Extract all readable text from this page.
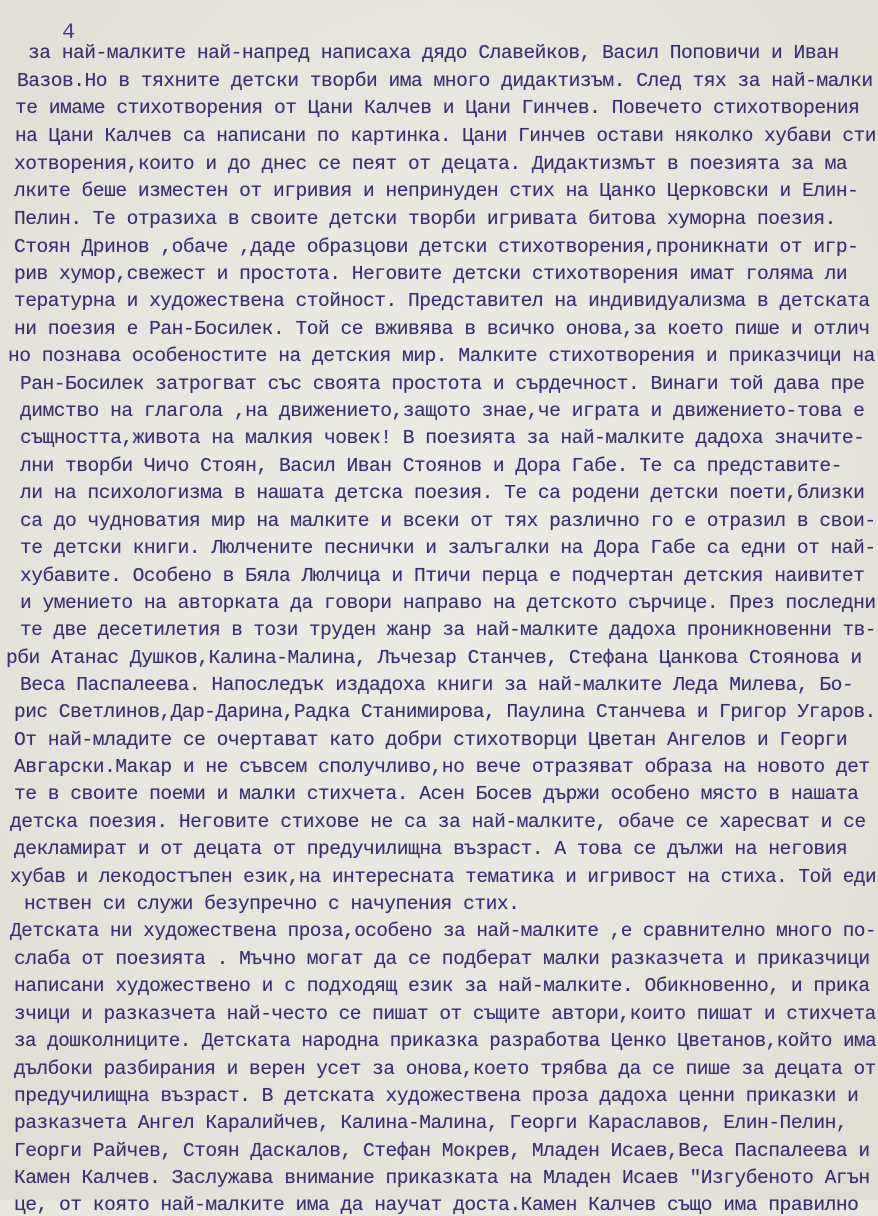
4
за най-малките най-напред написаха дядо Славейков, Васил Поповичи и Иван
Вазов.Но в тяхните детски творби има много дидактизъм. След тях за най-малки
те имаме стихотворения от Цани Калчев и Цани Гинчев. Повечето стихотворения
на Цани Калчев са написани по картинка. Цани Гинчев остави няколко хубави сти
хотворения,които и до днес се пеят от децата. Дидактизмът в поезията за ма
лките беше изместен от игривия и непринуден стих на Цанко Церковски и Елин-
Пелин. Те отразиха в своите детски творби игривата битова хуморна поезия.
Стоян Дринов ,обаче ,даде образцови детски стихотворения,проникнати от игр-
рив хумор,свежест и простота. Неговите детски стихотворения имат голяма ли
тературна и художествена стойност. Представител на индивидуализма в детската
ни поезия е Ран-Босилек. Той се вживява в всичко онова,за което пише и отлич
но познава особеностите на детския мир. Малките стихотворения и приказчици на
Ран-Босилек затрогват със своята простота и сърдечност. Винаги той дава пре
димство на глагола ,на движението,защото знае,че играта и движението-това е
същността,живота на малкия човек! В поезията за най-малките дадоха значите-
лни творби Чичо Стоян, Васил Иван Стоянов и Дора Габе. Те са представите-
ли на психологизма в нашата детска поезия. Те са родени детски поети,близки
са до чудноватия мир на малките и всеки от тях различно го е отразил в свои-
те детски книги. Люлчените песнички и залъгалки на Дора Габе са едни от най-
хубавите. Особено в Бяла Люлчица и Птичи перца е подчертан детския наивитет
и умението на авторката да говори направо на детското сърчице. През последни
те две десетилетия в този труден жанр за най-малките дадоха проникновенни тв-
рби Атанас Душков,Калина-Малина, Лъчезар Станчев, Стефана Цанкова Стоянова и
Веса Паспалеева. Напоследък издадоха книги за най-малките Леда Милева, Бо-
рис Светлинов,Дар-Дарина,Радка Станимирова, Паулина Станчева и Григор Угаров.
От най-младите се очертават като добри стихотворци Цветан Ангелов и Георги
Авгарски.Макар и не съвсем сполучливо,но вече отразяват образа на новото дет
те в своите поеми и малки стихчета. Асен Босев държи особено място в нашата
детска поезия. Неговите стихове не са за най-малките, обаче се харесват и се
декламират и от децата от предучилищна възраст. А това се дължи на неговия
хубав и лекодостъпен език,на интересната тематика и игривост на стиха. Той еди
нствен си служи безупречно с начупения стих.
Детската ни художествена проза,особено за най-малките ,е сравнително много по-
слаба от поезията . Мъчно могат да се подберат малки разказчета и приказчици
написани художествено и с подходящ език за най-малките. Обикновенно, и прика
зчици и разказчета най-често се пишат от същите автори,които пишат и стихчета
за дошколниците. Детската народна приказка разработва Ценко Цветанов,който има
дълбоки разбирания и верен усет за онова,което трябва да се пише за децата от
предучилищна възраст. В детската художествена проза дадоха ценни приказки и
разказчета Ангел Каралийчев, Калина-Малина, Георги Караславов, Елин-Пелин,
Георги Райчев, Стоян Даскалов, Стефан Мокрев, Младен Исаев,Веса Паспалеева и
Камен Калчев. Заслужава внимание приказката на Младен Исаев "Изгубеното Агън
це, от която най-малките има да научат доста.Камен Калчев също има правилно
